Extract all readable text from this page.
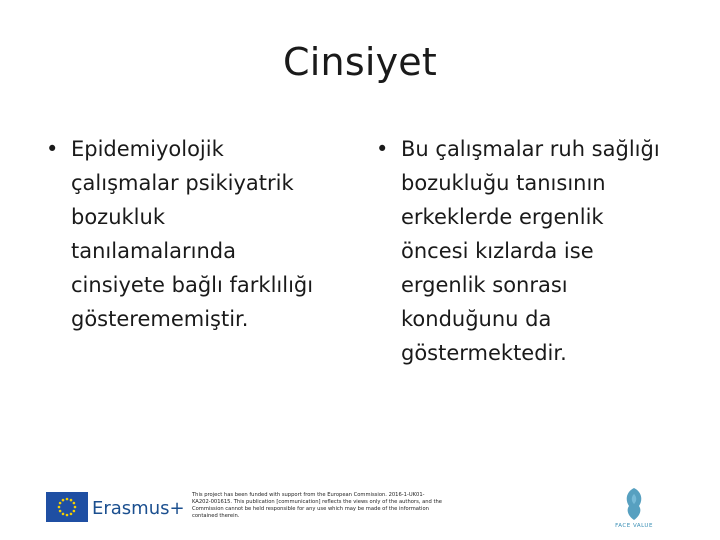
Cinsiyet
• Epidemiyolojik
çalışmalar psikiyatrik
bozukluk
tanılamalarında
cinsiyete bağlı farklılığı
gösterememiştir.
• Bu çalışmalar ruh sağlığı
bozukluğu tanısının
erkeklerde ergenlik
öncesi kızlarda ise
ergenlik sonrası
konduğunu da
göstermektedir.
Erasmus+
This project has been funded with support from the European Commission. 2016-1-UK01-KA202-001615. This publication [communication] reflects the views only of the authors, and the Commission cannot be held responsible for any use which may be made of the information contained therein.
FACE VALUE
